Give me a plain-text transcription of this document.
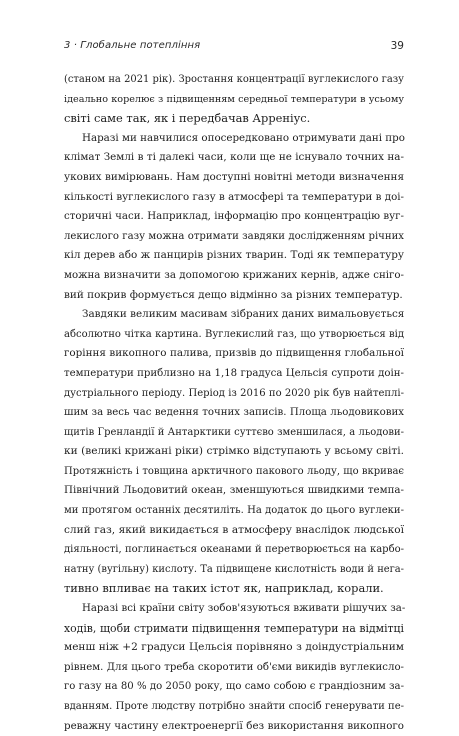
3 · Глобальне потепління	39

(станом на 2021 рік). Зростання концентрації вуглекислого газу
ідеально корелює з підвищенням середньої температури в усьому
світі саме так, як і передбачав Арреніус.

Наразі ми навчилися опосередковано отримувати дані про
клімат Землі в ті далекі часи, коли ще не існувало точних на-
укових вимірювань. Нам доступні новітні методи визначення
кількості вуглекислого газу в атмосфері та температури в доі-
сторичні часи. Наприклад, інформацію про концентрацію вуг-
лекислого газу можна отримати завдяки дослідженням річних
кіл дерев або ж панцирів різних тварин. Тоді як температуру
можна визначити за допомогою крижаних кернів, адже сніго-
вий покрив формується дещо відмінно за різних температур.

Завдяки великим масивам зібраних даних вимальовується
абсолютно чітка картина. Вуглекислий газ, що утворюється від
горіння викопного палива, призвів до підвищення глобальної
температури приблизно на 1,18 градуса Цельсія супроти доін-
дустріального періоду. Період із 2016 по 2020 рік був найтеплі-
шим за весь час ведення точних записів. Площа льодовикових
щитів Гренландії й Антарктики суттєво зменшилася, а льодови-
ки (великі крижані ріки) стрімко відступають у всьому світі.
Протяжність і товщина арктичного пакового льоду, що вкриває
Північний Льодовитий океан, зменшуються швидкими темпа-
ми протягом останніх десятиліть. На додаток до цього вуглеки-
слий газ, який викидається в атмосферу внаслідок людської
діяльності, поглинається океанами й перетворюється на карбо-
натну (вугільну) кислоту. Та підвищене кислотність води й нега-
тивно впливає на таких істот як, наприклад, корали.

Наразі всі країни світу зобов'язуються вживати рішучих за-
ходів, щоби стримати підвищення температури на відмітці
менш ніж +2 градуси Цельсія порівняно з доіндустріальним
рівнем. Для цього треба скоротити об'єми викидів вуглекисло-
го газу на 80 % до 2050 року, що само собою є грандіозним за-
вданням. Проте людству потрібно знайти спосіб генерувати пе-
реважну частину електроенергії без використання викопного
